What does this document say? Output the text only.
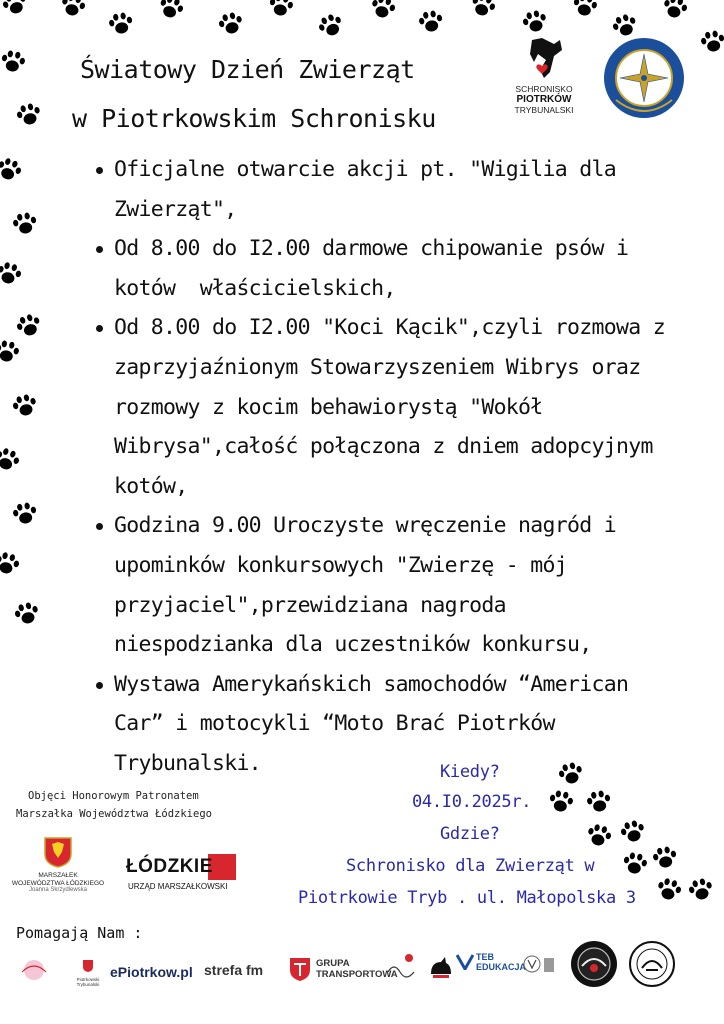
Światowy Dzień Zwierząt
w Piotrkowskim Schronisku
SCHRONISKO
PIOTRKÓW
TRYBUNALSKI
Oficjalne otwarcie akcji pt. "Wigilia dla
Zwierząt",
Od 8.00 do I2.00 darmowe chipowanie psów i
kotów  właścicielskich,
Od 8.00 do I2.00 "Koci Kącik",czyli rozmowa z
zaprzyjaźnionym Stowarzyszeniem Wibrys oraz
rozmowy z kocim behawiorystą "Wokół
Wibrysa",całość połączona z dniem adopcyjnym
kotów,
Godzina 9.00 Uroczyste wręczenie nagród i
upominków konkursowych "Zwierzę - mój
przyjaciel",przewidziana nagroda
niespodzianka dla uczestników konkursu,
Wystawa Amerykańskich samochodów “American
Car” i motocykli “Moto Brać Piotrków
Trybunalski.	Kiedy?
04.I0.2025r.
Gdzie?
Schronisko dla Zwierząt w
Piotrkowie Tryb . ul. Małopolska 3
Objęci Honorowym Patronatem
Marszałka Województwa Łódzkiego
MARSZAŁEK
WOJEWÓDZTWA ŁÓDZKIEGO
Joanna Skrzydlewska
ŁÓDZKIE
URZĄD MARSZAŁKOWSKI
Pomagają Nam :
Piotrkowski Trybunalski
ePiotrkow.pl strefa fm	GRUPA TRANSPORTOWA
TEB EDUKACJA
